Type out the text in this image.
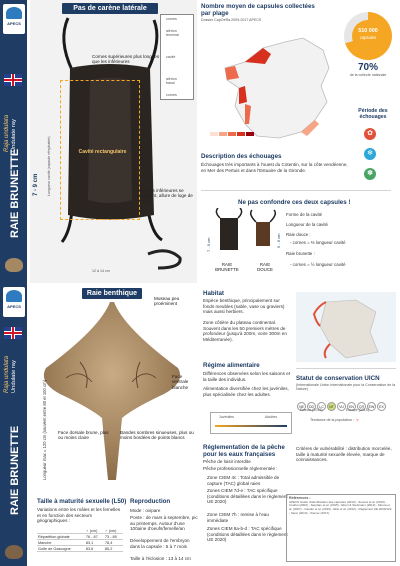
APECS
Raja undulata Undulate ray
RAIE BRUNETTE
APECS
Raja undulata Undulate ray
RAIE BRUNETTE
Pas de carène latérale
Cavité rectangulaire
cornes
alérion
terminal
cavité
alérion
basal
cornes
Cornes supérieures plus longues que les inférieures
Cornes inférieures se relèvent, allure de luge de profil
7 - 9 cm Longueur cavité (capsule réhydratée)
12 à 14 cm
Nombre moyen de capsules collectées par plage
Dossier CapOeRa 2009-2017 APECS
510 000
capsules
70%
de la collecte nationale
Période des échouages
✿
❄
✽
Description des échouages
Échouages très importants à l'ouest du Cotentin, sur la côte vendéenne, en Mer des Pertuis et dans l'Estuaire de la Gironde.
Ne pas confondre ces deux capsules !
7 - 9 cm	5 - 6 cm
RAIE
BRUNETTE
RAIE
DOUCE
Forme de la cavité
Longueur de la cavité
Raie douce :
- cornes = ⅔ longueur cavité
Raie brunette :
- cornes = ½ longueur cavité
Raie benthique
Museau peu proéminent
Face ventrale blanche
Face dorsale brune, plus ou moins claire
Bandes sombres sinueuses, plus ou moins bordées de points blancs
Longueur max = 120 cm (souvent entre 80 et 100 cm)
Taille à maturité sexuelle (L50)
Variations entre les mâles et les femelles et en fonction des secteurs géographiques :
	♀ (cm)	♂ (cm)
Répartition globale	76 - 87	73 - 85
Manche	83,1	78,4
Golfe de Gascogne	83,6	85,2
Reproduction
Mode : ovipare
Ponte : de mars à septembre, pic au printemps. Autour d'une 100aine d'oeufs/femelle/an
Développement de l'embryon dans la capsule : 5 à 7 mois
Taille à l'éclosion : 13 à 14 cm
Habitat
Espèce benthique, principalement sur fonds meubles (sable, vase ou graviers) mais aussi herbiers.
Zone côtière du plateau continental. Souvent dans les 50 premiers mètres de profondeur (jusqu'à 200m, voire 300m en Méditerranée).
Régime alimentaire
Différences observées selon les saisons et la taille des individus.
Alimentation diversifiée chez les juvéniles, plus spécialisée chez les adultes.
Juvéniles	Adultes
Statut de conservation UICN
(Internationale Union Internationale pour la Conservation de la Nature)
NE DD LC NT VU EN CR EW EX
France (2013)	Europe (2015)
Tendance de la population : ?
Réglementation de la pêche pour les eaux françaises
Pêche de loisir interdite
Pêche professionnelle réglementée :
Zone CIEM 4c : Total admissible de capture (TAC) global raies
Zones CIEM 7d-e : TAC spécifique (conditions détaillées dans le règlement UE 2020)
Zone CIEM 7h : remise à l'eau immédiate
Zones CIEM 8a-b-d : TAC spécifique (conditions détaillées dans le règlement UE 2020)
Critères de vulnérabilité : distribution morcelée, taille à maturité sexuelle élevée, marque de connaissances.
Références :
APECS Guide d'identification des capsules (2013) - Serena et al. (2010) - Coelho (2002) - Stephan et al. (2015) - Ebert & Stehmann (2013) - Moura et al. (2007) - Gaudin et al. (2010) - Ellis et al. (2012) - Règlement UE 2020/123 - Séret (2010) - Ifremer (2017).
